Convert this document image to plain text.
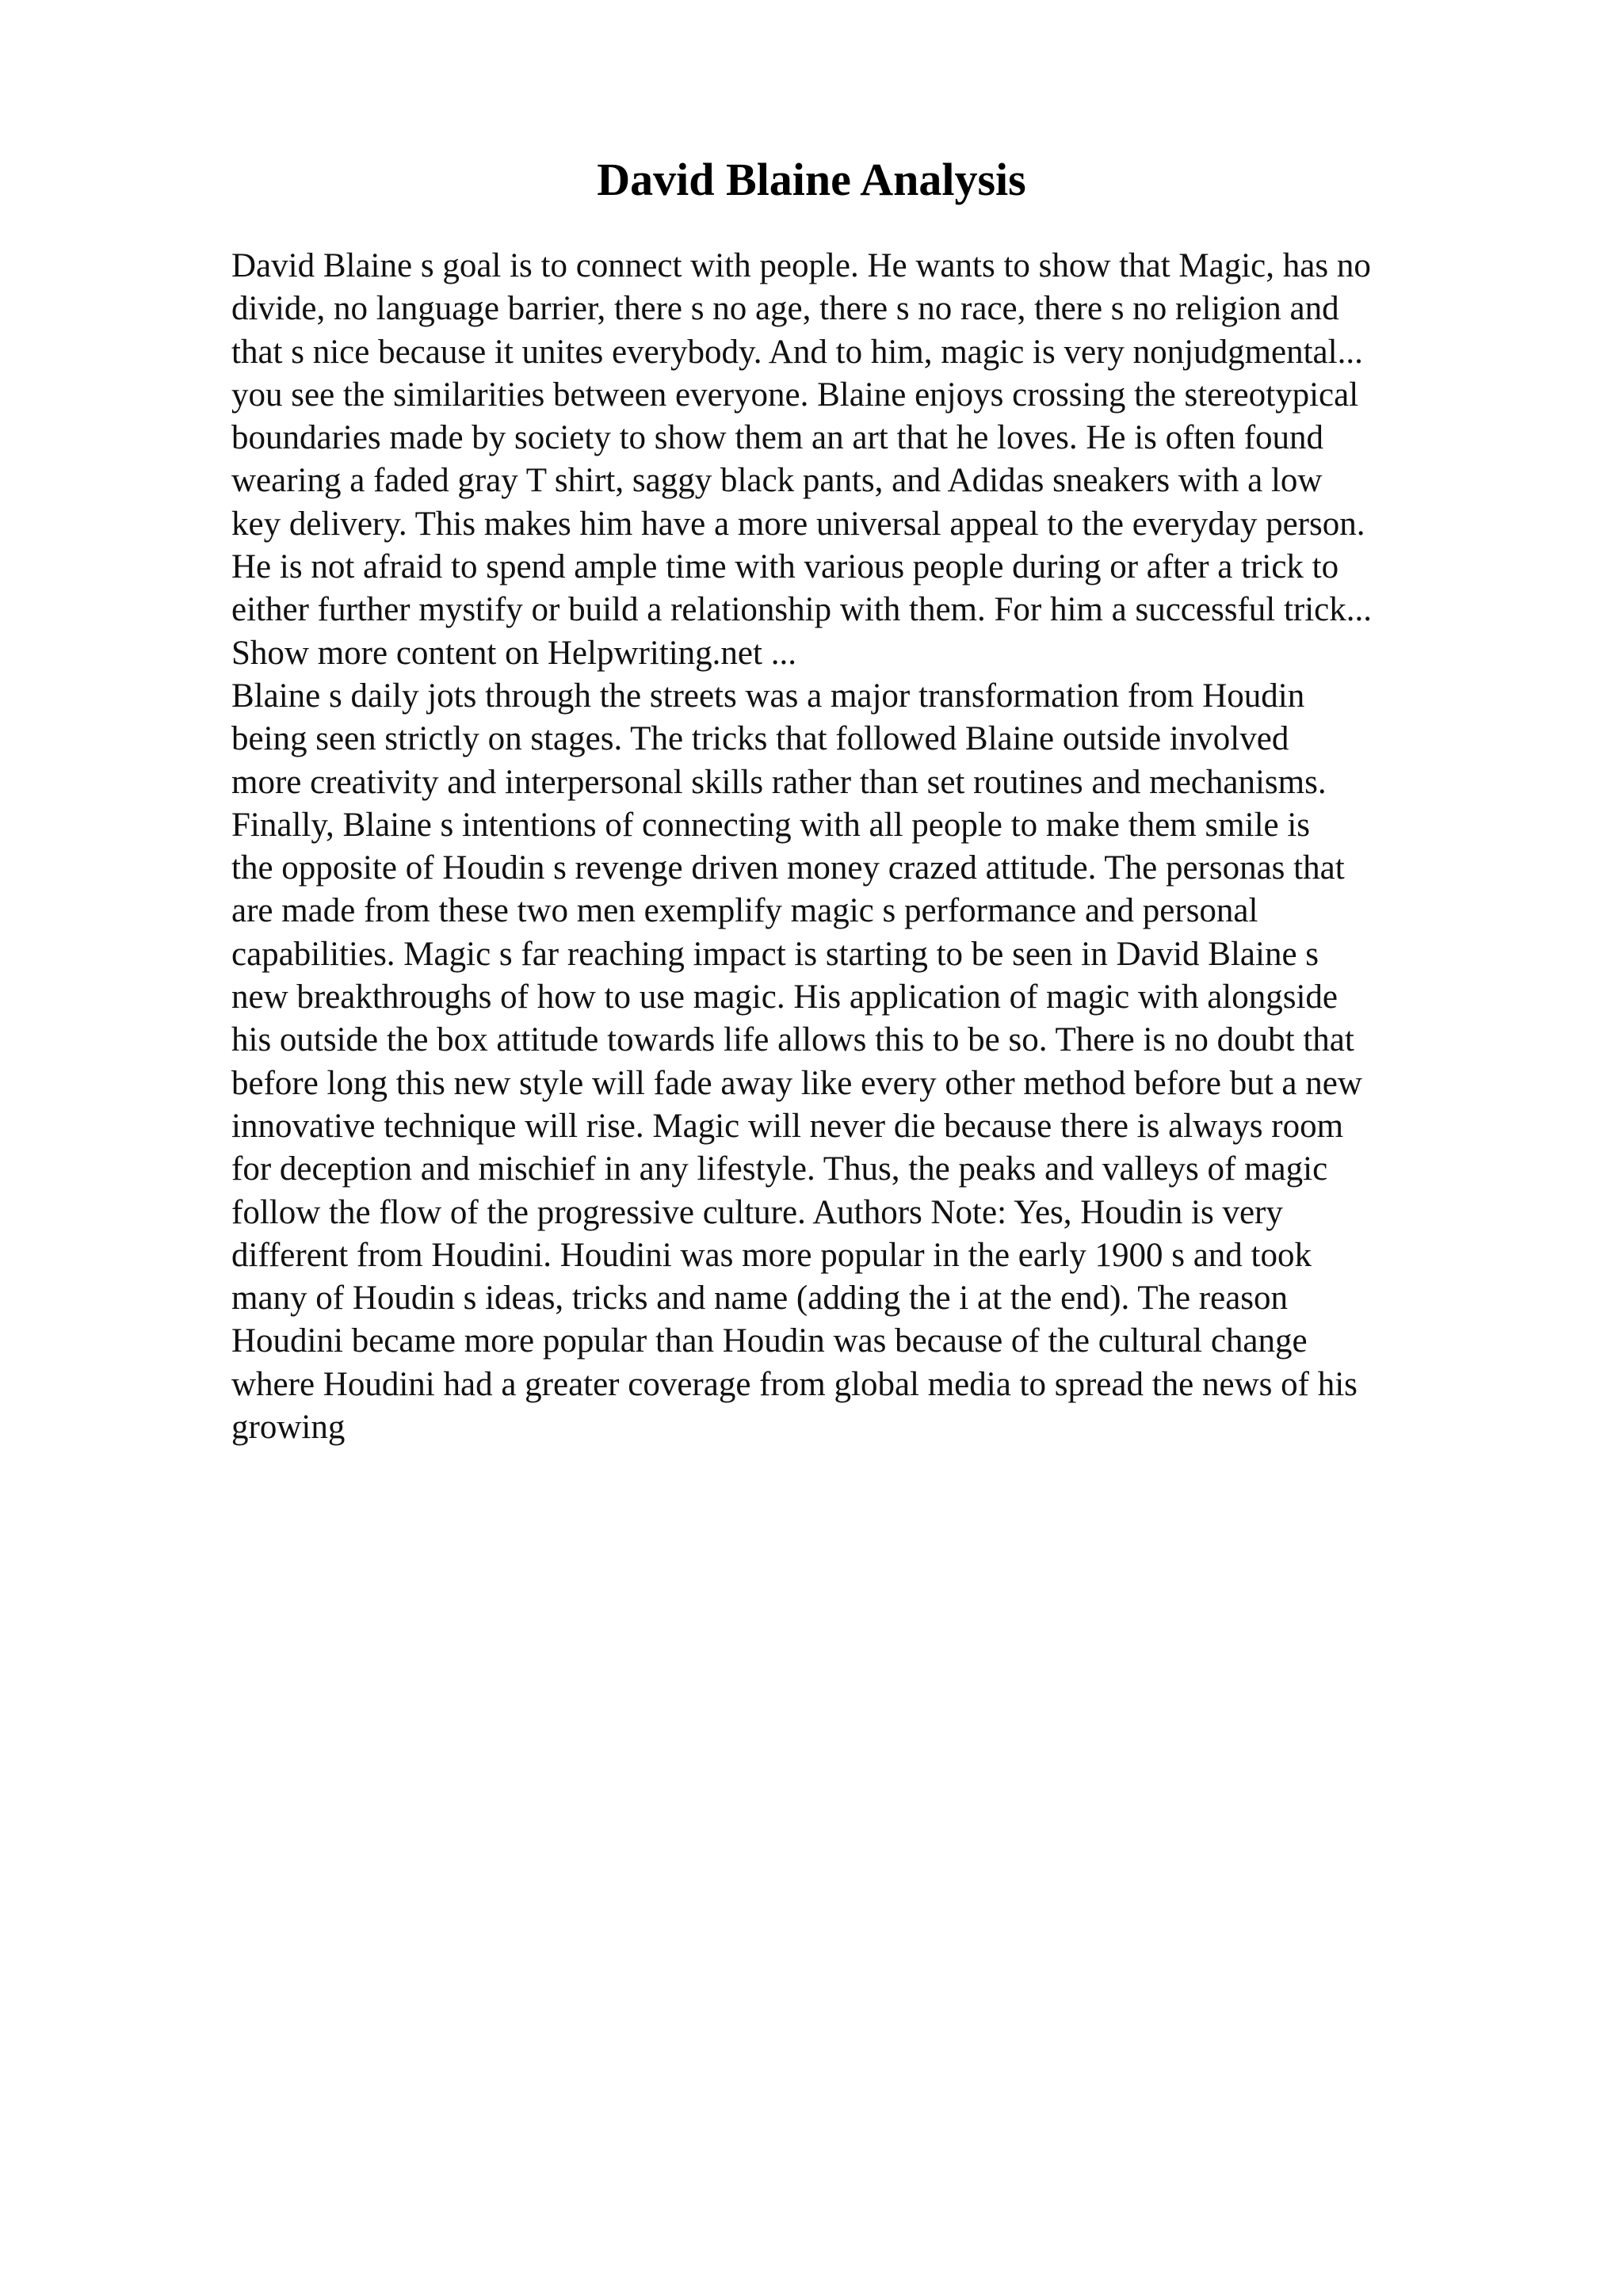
David Blaine Analysis
David Blaine s goal is to connect with people. He wants to show that Magic, has no
divide, no language barrier, there s no age, there s no race, there s no religion and
that s nice because it unites everybody. And to him, magic is very nonjudgmental...
you see the similarities between everyone. Blaine enjoys crossing the stereotypical
boundaries made by society to show them an art that he loves. He is often found
wearing a faded gray T shirt, saggy black pants, and Adidas sneakers with a low
key delivery. This makes him have a more universal appeal to the everyday person.
He is not afraid to spend ample time with various people during or after a trick to
either further mystify or build a relationship with them. For him a successful trick...
Show more content on Helpwriting.net ...
Blaine s daily jots through the streets was a major transformation from Houdin
being seen strictly on stages. The tricks that followed Blaine outside involved
more creativity and interpersonal skills rather than set routines and mechanisms.
Finally, Blaine s intentions of connecting with all people to make them smile is
the opposite of Houdin s revenge driven money crazed attitude. The personas that
are made from these two men exemplify magic s performance and personal
capabilities. Magic s far reaching impact is starting to be seen in David Blaine s
new breakthroughs of how to use magic. His application of magic with alongside
his outside the box attitude towards life allows this to be so. There is no doubt that
before long this new style will fade away like every other method before but a new
innovative technique will rise. Magic will never die because there is always room
for deception and mischief in any lifestyle. Thus, the peaks and valleys of magic
follow the flow of the progressive culture. Authors Note: Yes, Houdin is very
different from Houdini. Houdini was more popular in the early 1900 s and took
many of Houdin s ideas, tricks and name (adding the i at the end). The reason
Houdini became more popular than Houdin was because of the cultural change
where Houdini had a greater coverage from global media to spread the news of his
growing
